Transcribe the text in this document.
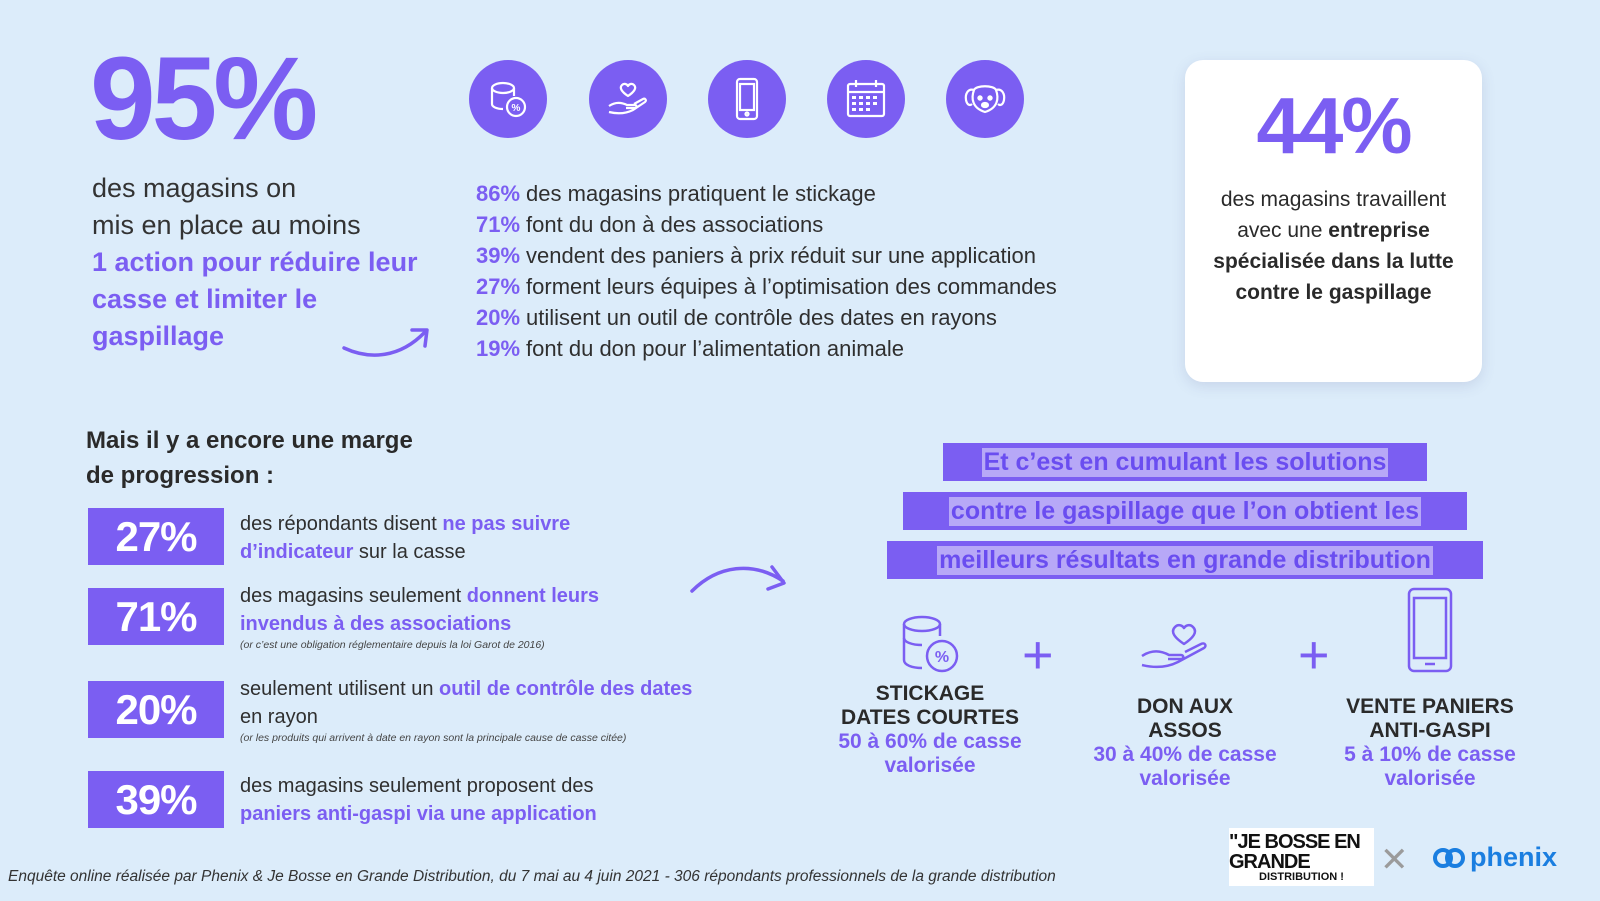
95%
des magasins on
mis en place au moins
1 action pour réduire leur casse et limiter le gaspillage
%
86% des magasins pratiquent le stickage
71% font du don à des associations
39% vendent des paniers à prix réduit sur une application
27% forment leurs équipes à l’optimisation des commandes
20% utilisent un outil de contrôle des dates en rayons
19% font du don pour l’alimentation animale
44%
des magasins travaillent avec une entreprise spécialisée dans la lutte contre le gaspillage
Mais il y a encore une marge de progression :
27%	des répondants disent ne pas suivre d’indicateur sur la casse
71%	des magasins seulement donnent leurs invendus à des associations
(or c’est une obligation réglementaire depuis la loi Garot de 2016)
20%	seulement utilisent un outil de contrôle des dates en rayon
(or les produits qui arrivent à date en rayon sont la principale cause de casse citée)
39%	des magasins seulement proposent des paniers anti-gaspi via une application
Et c’est en cumulant les solutions
contre le gaspillage que l’on obtient les
meilleurs résultats en grande distribution
%
STICKAGE
DATES COURTES
50 à 60% de casse
valorisée
+
DON AUX
ASSOS
30 à 40% de casse
valorisée
+
VENTE PANIERS
ANTI-GASPI
5 à 10% de casse
valorisée
Enquête online réalisée par Phenix & Je Bosse en Grande Distribution, du 7 mai au 4 juin 2021 - 306 répondants professionnels de la grande distribution
"JE BOSSE EN GRANDE
DISTRIBUTION ! ✕ phenix
